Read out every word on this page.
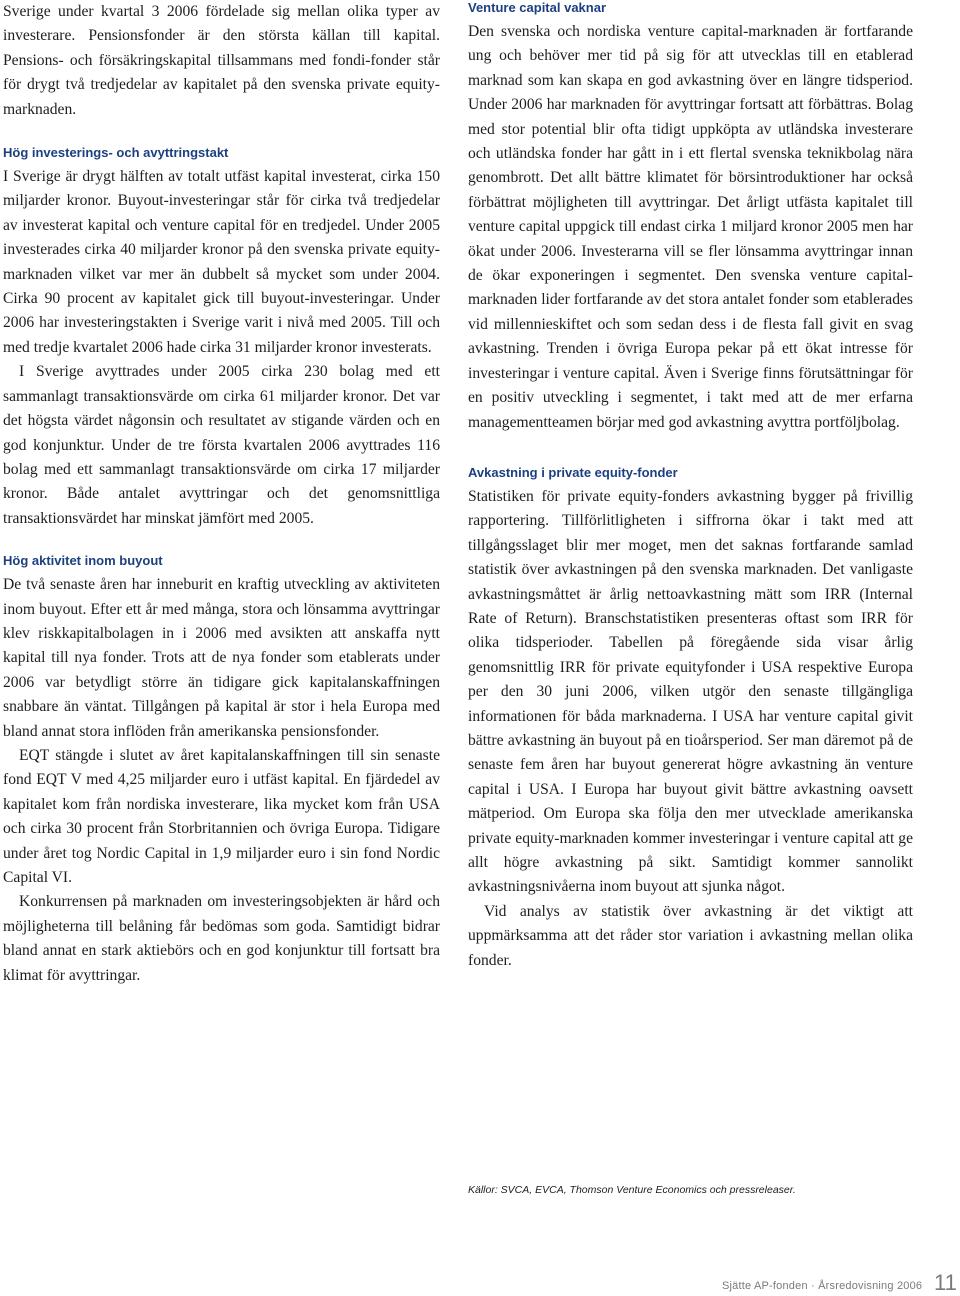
Sverige under kvartal 3 2006 fördelade sig mellan olika typer av investerare. Pensionsfonder är den största källan till kapital. Pensions- och försäkringskapital tillsammans med fondi-fonder står för drygt två tredjedelar av kapitalet på den svenska private equity-marknaden.

Hög investerings- och avyttringstakt

I Sverige är drygt hälften av totalt utfäst kapital investerat, cirka 150 miljarder kronor. Buyout-investeringar står för cirka två tredjedelar av investerat kapital och venture capital för en tredjedel. Under 2005 investerades cirka 40 miljarder kronor på den svenska private equity-marknaden vilket var mer än dubbelt så mycket som under 2004. Cirka 90 procent av kapitalet gick till buyout-investeringar. Under 2006 har investeringstakten i Sverige varit i nivå med 2005. Till och med tredje kvartalet 2006 hade cirka 31 miljarder kronor investerats.

I Sverige avyttrades under 2005 cirka 230 bolag med ett sammanlagt transaktionsvärde om cirka 61 miljarder kronor. Det var det högsta värdet någonsin och resultatet av stigande värden och en god konjunktur. Under de tre första kvartalen 2006 avyttrades 116 bolag med ett sammanlagt transaktionsvärde om cirka 17 miljarder kronor. Både antalet avyttringar och det genomsnittliga transaktionsvärdet har minskat jämfört med 2005.

Hög aktivitet inom buyout

De två senaste åren har inneburit en kraftig utveckling av aktiviteten inom buyout. Efter ett år med många, stora och lönsamma avyttringar klev riskkapitalbolagen in i 2006 med avsikten att anskaffa nytt kapital till nya fonder. Trots att de nya fonder som etablerats under 2006 var betydligt större än tidigare gick kapitalanskaffningen snabbare än väntat. Tillgången på kapital är stor i hela Europa med bland annat stora inflöden från amerikanska pensionsfonder.

EQT stängde i slutet av året kapitalanskaffningen till sin senaste fond EQT V med 4,25 miljarder euro i utfäst kapital. En fjärdedel av kapitalet kom från nordiska investerare, lika mycket kom från USA och cirka 30 procent från Storbritannien och övriga Europa. Tidigare under året tog Nordic Capital in 1,9 miljarder euro i sin fond Nordic Capital VI.

Konkurrensen på marknaden om investeringsobjekten är hård och möjligheterna till belåning får bedömas som goda. Samtidigt bidrar bland annat en stark aktiebörs och en god konjunktur till fortsatt bra klimat för avyttringar.

Venture capital vaknar

Den svenska och nordiska venture capital-marknaden är fortfarande ung och behöver mer tid på sig för att utvecklas till en etablerad marknad som kan skapa en god avkastning över en längre tidsperiod. Under 2006 har marknaden för avyttringar fortsatt att förbättras. Bolag med stor potential blir ofta tidigt uppköpta av utländska investerare och utländska fonder har gått in i ett flertal svenska teknikbolag nära genombrott. Det allt bättre klimatet för börsintroduktioner har också förbättrat möjligheten till avyttringar. Det årligt utfästa kapitalet till venture capital uppgick till endast cirka 1 miljard kronor 2005 men har ökat under 2006. Investerarna vill se fler lönsamma avyttringar innan de ökar exponeringen i segmentet. Den svenska venture capital-marknaden lider fortfarande av det stora antalet fonder som etablerades vid millennieskiftet och som sedan dess i de flesta fall givit en svag avkastning. Trenden i övriga Europa pekar på ett ökat intresse för investeringar i venture capital. Även i Sverige finns förutsättningar för en positiv utveckling i segmentet, i takt med att de mer erfarna managementteamen börjar med god avkastning avyttra portföljbolag.

Avkastning i private equity-fonder

Statistiken för private equity-fonders avkastning bygger på frivillig rapportering. Tillförlitligheten i siffrorna ökar i takt med att tillgångsslaget blir mer moget, men det saknas fortfarande samlad statistik över avkastningen på den svenska marknaden. Det vanligaste avkastningsmåttet är årlig nettoavkastning mätt som IRR (Internal Rate of Return). Branschstatistiken presenteras oftast som IRR för olika tidsperioder. Tabellen på föregående sida visar årlig genomsnittlig IRR för private equityfonder i USA respektive Europa per den 30 juni 2006, vilken utgör den senaste tillgängliga informationen för båda marknaderna. I USA har venture capital givit bättre avkastning än buyout på en tioårsperiod. Ser man däremot på de senaste fem åren har buyout genererat högre avkastning än venture capital i USA. I Europa har buyout givit bättre avkastning oavsett mätperiod. Om Europa ska följa den mer utvecklade amerikanska private equity-marknaden kommer investeringar i venture capital att ge allt högre avkastning på sikt. Samtidigt kommer sannolikt avkastningsnivåerna inom buyout att sjunka något.

Vid analys av statistik över avkastning är det viktigt att uppmärksamma att det råder stor variation i avkastning mellan olika fonder.

Källor: SVCA, EVCA, Thomson Venture Economics och pressreleaser.
Sjätte AP-fonden · Årsredovisning 2006 11
